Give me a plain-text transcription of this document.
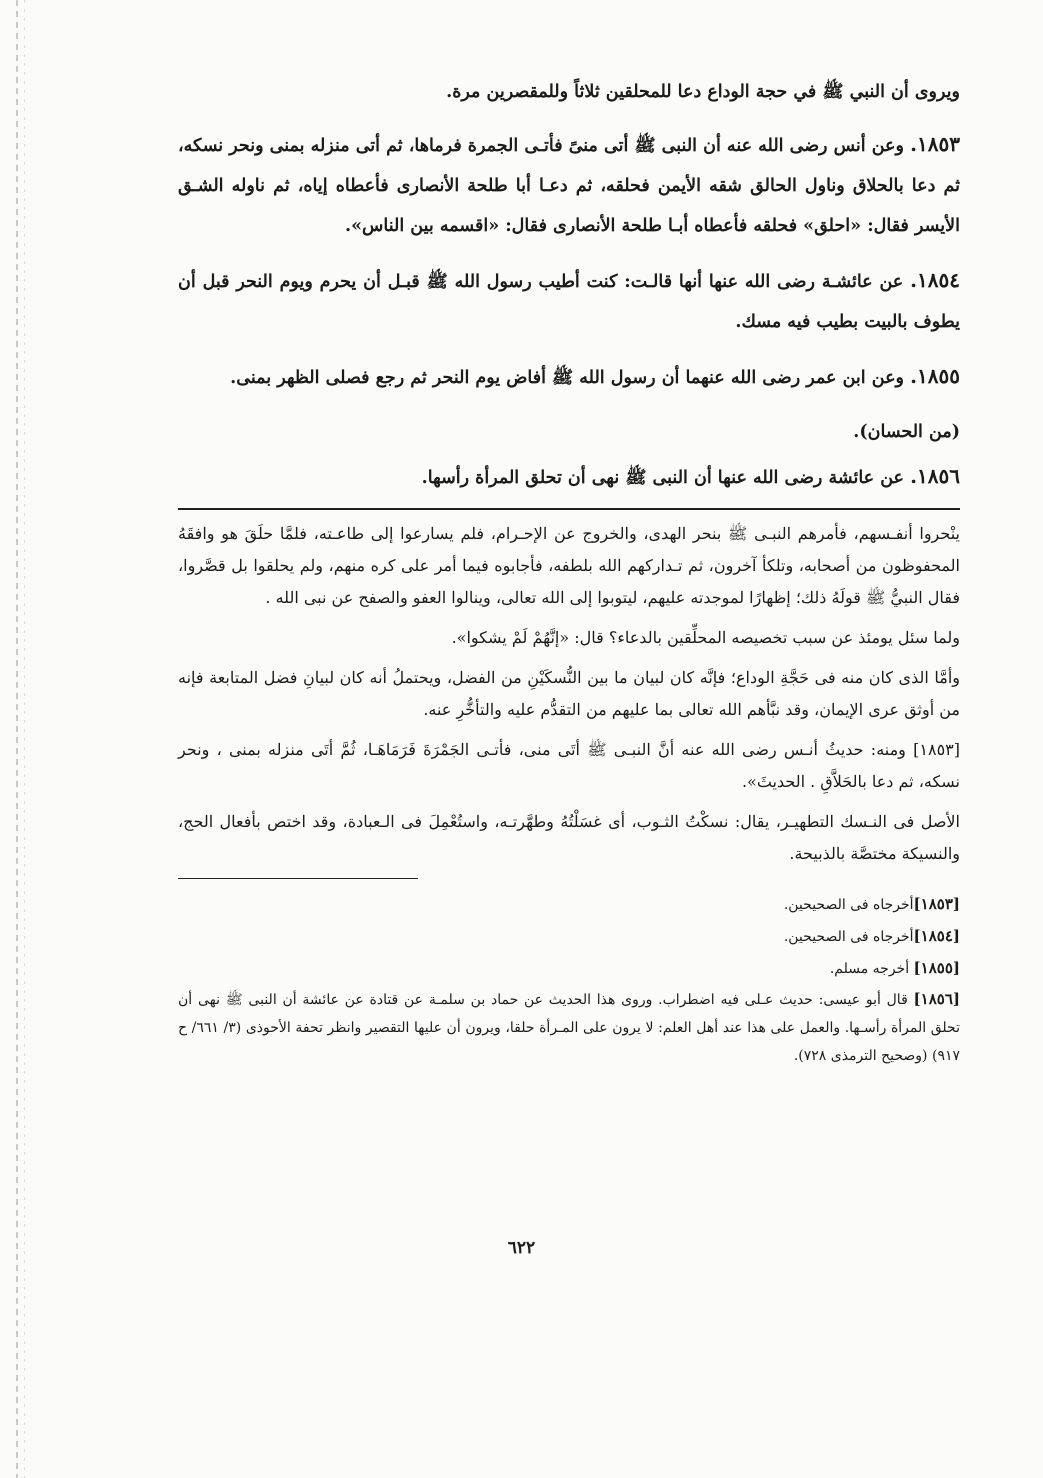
ويروى أن النبي ﷺ في حجة الوداع دعا للمحلقين ثلاثاً وللمقصرين مرة.

١٨٥٣. وعن أنس رضى الله عنه أن النبى ﷺ أتى منىً فأتـى الجمرة فرماها، ثم أتى منزله بمنى ونحر نسكه، ثم دعا بالحلاق وناول الحالق شقه الأيمن فحلقه، ثم دعـا أبا طلحة الأنصارى فأعطاه إياه، ثم ناوله الشـق الأيسر فقال: «احلق» فحلقه فأعطاه أبـا طلحة الأنصارى فقال: «اقسمه بين الناس».

١٨٥٤. عن عائشـة رضى الله عنها أنها قالـت: كنت أطيب رسول الله ﷺ قبـل أن يحرم ويوم النحر قبل أن يطوف بالبيت بطيب فيه مسك.

١٨٥٥. وعن ابن عمر رضى الله عنهما أن رسول الله ﷺ أفاض يوم النحر ثم رجع فصلى الظهر بمنى.

(من الحسان).

١٨٥٦. عن عائشة رضى الله عنها أن النبى ﷺ نهى أن تحلق المرأة رأسها.

ينْحروا أنفـسهم، فأمرهم النبـى ﷺ بنحر الهدى، والخروج عن الإحـرام، فلم يسارعوا إلى طاعـته، فلمَّا حلَقَ هو وافقَهُ المحفوظون من أصحابه، وتلكأ آخرون، ثم تـداركهم الله بلطفه، فأجابوه فيما أمر على كره منهم، ولم يحلقوا بل قصَّروا، فقال النبيُّ ﷺ قولَهُ ذلك؛ إظهارًا لموجدته عليهم، ليتوبوا إلى الله تعالى، وينالوا العفو والصفح عن نبى الله .

ولما سئل يومئذ عن سبب تخصيصه المحلِّقين بالدعاء؟ قال: «إنَّهُمْ لَمْ يشكوا».

وأمَّا الذى كان منه فى حَجَّةِ الوداع؛ فإنَّه كان لبيان ما بين النُّسكَيْنِ من الفضل، ويحتملُ أنه كان لبيانِ فضل المتابعة فإنه من أوثق عرى الإيمان، وقد نبَّأهم الله تعالى بما عليهم من التقدُّم عليه والتأخُّرِ عنه.

[١٨٥٣] ومنه: حديثُ أنـس رضى الله عنه أنَّ النبـى ﷺ أتَى منى، فأتـى الجَمْرَةَ فَرَمَاهَـا، ثُمَّ أتَى منزله بمنى ، ونحر نسكه، ثم دعا بالحَلاَّقِ . الحديثَ».

الأصل فى النـسك التطهيـر، يقال: نسكْتُ الثـوب، أى غسَلْتُهُ وطهَّرتـه، واستُعْمِلَ فى الـعبادة، وقد اختص بأفعال الحج، والنسيكة مختصَّة بالذبيحة.

[١٨٥٣]أخرجاه فى الصحيحين.

[١٨٥٤]أخرجاه فى الصحيحين.

[١٨٥٥] أخرجه مسلم.

[١٨٥٦] قال أبو عيسى: حديث عـلى فيه اضطراب. وروى هذا الحديث عن حماد بن سلمـة عن قتادة عن عائشة أن النبى ﷺ نهى أن تحلق المرأة رأسـها. والعمل على هذا عند أهل العلم: لا يرون على المـرأة حلقا، ويرون أن عليها التقصير وانظر تحفة الأحوذى (٣/ ٦٦١/ ح ٩١٧) (وصحيح الترمذى ٧٢٨).

٦٢٢
